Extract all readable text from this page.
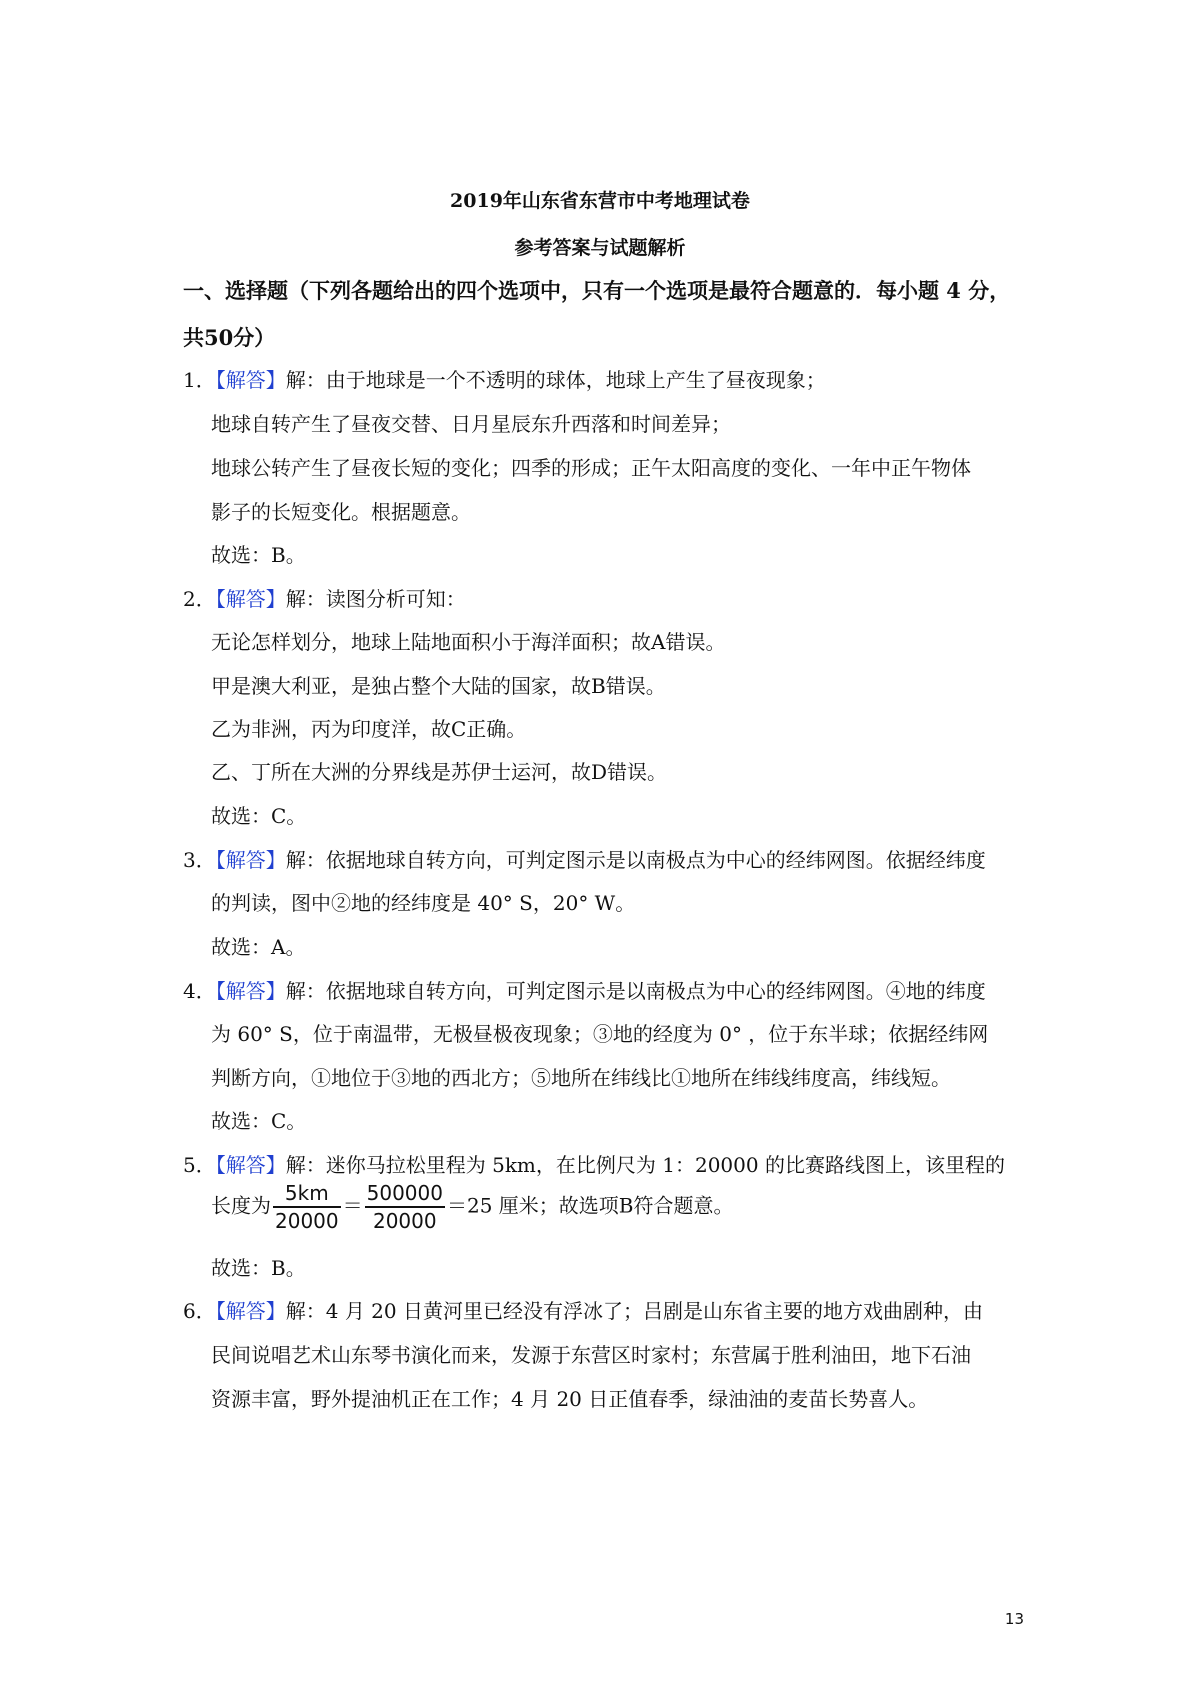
2019年山东省东营市中考地理试卷
参考答案与试题解析
一、选择题（下列各题给出的四个选项中，只有一个选项是最符合题意的．每小题 4 分，
共50分）
1．【解答】解：由于地球是一个不透明的球体，地球上产生了昼夜现象；
地球自转产生了昼夜交替、日月星辰东升西落和时间差异；
地球公转产生了昼夜长短的变化；四季的形成；正午太阳高度的变化、一年中正午物体
影子的长短变化。根据题意。
故选：B。
2．【解答】解：读图分析可知：
无论怎样划分，地球上陆地面积小于海洋面积；故A错误。
甲是澳大利亚，是独占整个大陆的国家，故B错误。
乙为非洲，丙为印度洋，故C正确。
乙、丁所在大洲的分界线是苏伊士运河，故D错误。
故选：C。
3．【解答】解：依据地球自转方向，可判定图示是以南极点为中心的经纬网图。依据经纬度
的判读，图中②地的经纬度是 40° S，20° W。
故选：A。
4．【解答】解：依据地球自转方向，可判定图示是以南极点为中心的经纬网图。④地的纬度
为 60° S，位于南温带，无极昼极夜现象；③地的经度为 0° ，位于东半球；依据经纬网
判断方向，①地位于③地的西北方；⑤地所在纬线比①地所在纬线纬度高，纬线短。
故选：C。
5．【解答】解：迷你马拉松里程为 5km，在比例尺为 1：20000 的比赛路线图上，该里程的
长度为 $\frac{5km}{20000} = \frac{500000}{20000} =25$ 厘米；故选项B符合题意。
故选：B。
6．【解答】解：4 月 20 日黄河里已经没有浮冰了；吕剧是山东省主要的地方戏曲剧种，由
民间说唱艺术山东琴书演化而来，发源于东营区时家村；东营属于胜利油田，地下石油
资源丰富，野外提油机正在工作；4 月 20 日正值春季，绿油油的麦苗长势喜人。
13
